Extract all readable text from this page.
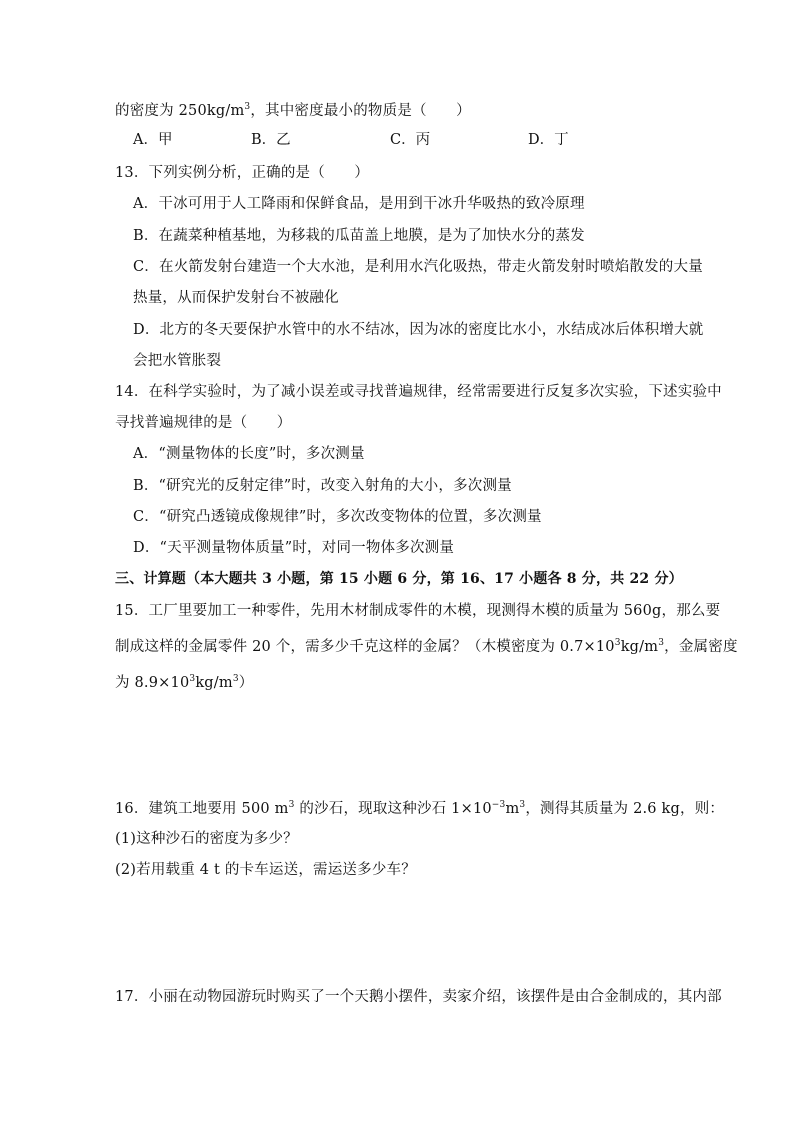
的密度为 $250kg/m^3$，其中密度最小的物质是（　　）
A．甲	B．乙	C．丙	D．丁
13．下列实例分析，正确的是（　　）
A．干冰可用于人工降雨和保鲜食品，是用到干冰升华吸热的致冷原理
B．在蔬菜种植基地，为移栽的瓜苗盖上地膜，是为了加快水分的蒸发
C．在火箭发射台建造一个大水池，是利用水汽化吸热，带走火箭发射时喷焰散发的大量
热量，从而保护发射台不被融化
D．北方的冬天要保护水管中的水不结冰，因为冰的密度比水小，水结成冰后体积增大就
会把水管胀裂
14．在科学实验时，为了减小误差或寻找普遍规律，经常需要进行反复多次实验，下述实验中
寻找普遍规律的是（　　）
A．“测量物体的长度”时，多次测量
B．“研究光的反射定律”时，改变入射角的大小，多次测量
C．“研究凸透镜成像规律”时，多次改变物体的位置，多次测量
D．“天平测量物体质量”时，对同一物体多次测量
三、计算题（本大题共 3 小题，第 15 小题 6 分，第 16、17 小题各 8 分，共 22 分）
15．工厂里要加工一种零件，先用木材制成零件的木模，现测得木模的质量为 560g，那么要
制成这样的金属零件 20 个，需多少千克这样的金属？（木模密度为 $0.7\times 10^3kg/m^3$，金属密度
为 $8.9\times 10^3kg/m^3$）
16．建筑工地要用 500 $m^3$ 的沙石，现取这种沙石 $1\times 10^{-3}m^3$，测得其质量为 2.6 kg，则：
(1)这种沙石的密度为多少？
(2)若用载重 4 t 的卡车运送，需运送多少车？
17．小丽在动物园游玩时购买了一个天鹅小摆件，卖家介绍，该摆件是由合金制成的，其内部
